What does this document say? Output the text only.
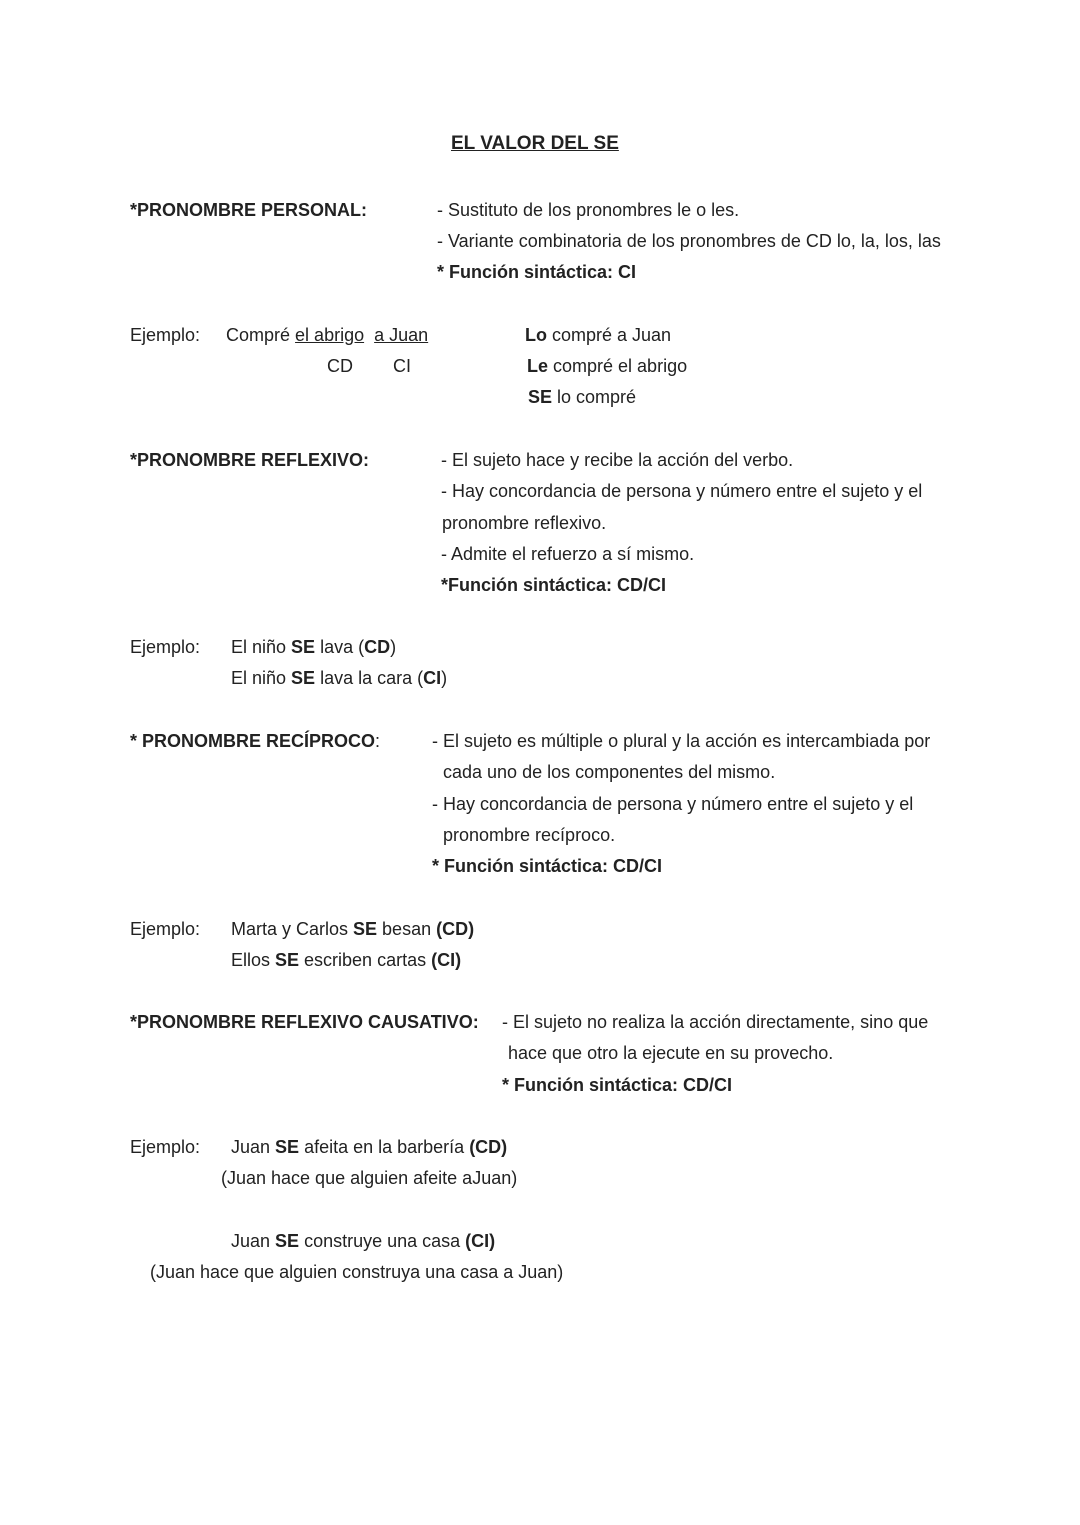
EL VALOR DEL SE
*PRONOMBRE PERSONAL:	- Sustituto de los pronombres le o les.
- Variante combinatoria de los pronombres de CD lo, la, los, las
* Función sintáctica: CI
Ejemplo: Compré el abrigo a Juan
CD CI
Lo compré a Juan
Le compré el abrigo
SE lo compré
*PRONOMBRE REFLEXIVO:	- El sujeto hace y recibe la acción del verbo.
- Hay concordancia de persona y número entre el sujeto y el
pronombre reflexivo.
- Admite el refuerzo a sí mismo.
*Función sintáctica: CD/CI
Ejemplo: El niño SE lava (CD)
El niño SE lava la cara (CI)
* PRONOMBRE RECÍPROCO:	- El sujeto es múltiple o plural y la acción es intercambiada por
cada uno de los componentes del mismo.
- Hay concordancia de persona y número entre el sujeto y el
pronombre recíproco.
* Función sintáctica: CD/CI
Ejemplo: Marta y Carlos SE besan (CD)
Ellos SE escriben cartas (CI)
*PRONOMBRE REFLEXIVO CAUSATIVO: - El sujeto no realiza la acción directamente, sino que
hace que otro la ejecute en su provecho.
* Función sintáctica: CD/CI
Ejemplo: Juan SE afeita en la barbería (CD)
(Juan hace que alguien afeite aJuan)
Juan SE construye una casa (CI)
(Juan hace que alguien construya una casa a Juan)
